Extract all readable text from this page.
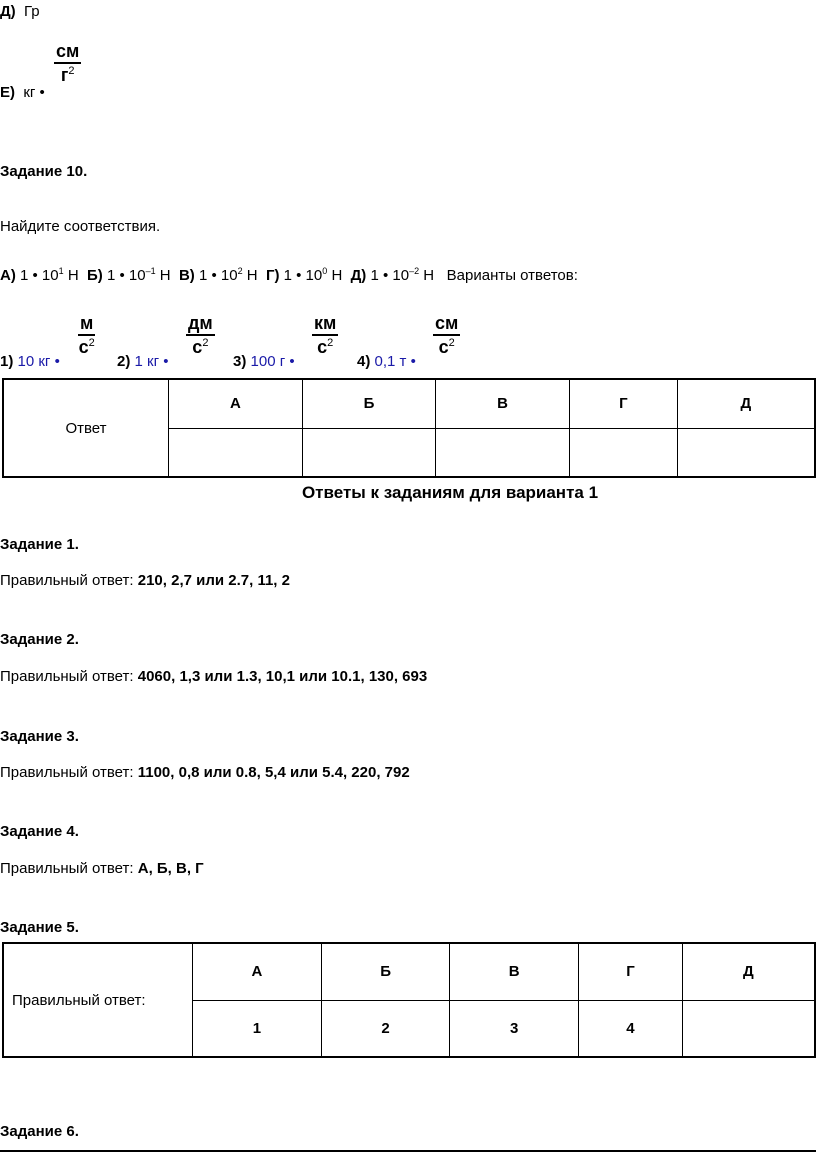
Д) Гр
см
$г^2$
Е) кг •
Задание 10.
Найдите соответствия.
А) 1 • $10^1$ Н Б) 1 • $10^{-1}$ Н В) 1 • $10^2$ Н Г) 1 • $10^0$ Н Д) 1 • $10^{-2}$ Н Варианты ответов:
м
$с^2$
дм
$с^2$
км
$с^2$
см
$с^2$
1) 10 кг •	2) 1 кг •	3) 100 г •	4) 0,1 т •
Ответ	А	Б	В	Г	Д

Ответы к заданиям для варианта 1
Задание 1.
Правильный ответ: 210, 2,7 или 2.7, 11, 2
Задание 2.
Правильный ответ: 4060, 1,3 или 1.3, 10,1 или 10.1, 130, 693
Задание 3.
Правильный ответ: 1100, 0,8 или 0.8, 5,4 или 5.4, 220, 792
Задание 4.
Правильный ответ: А, Б, В, Г
Задание 5.
Правильный ответ:	А	Б	В	Г	Д
	1	2	3	4	
Задание 6.
